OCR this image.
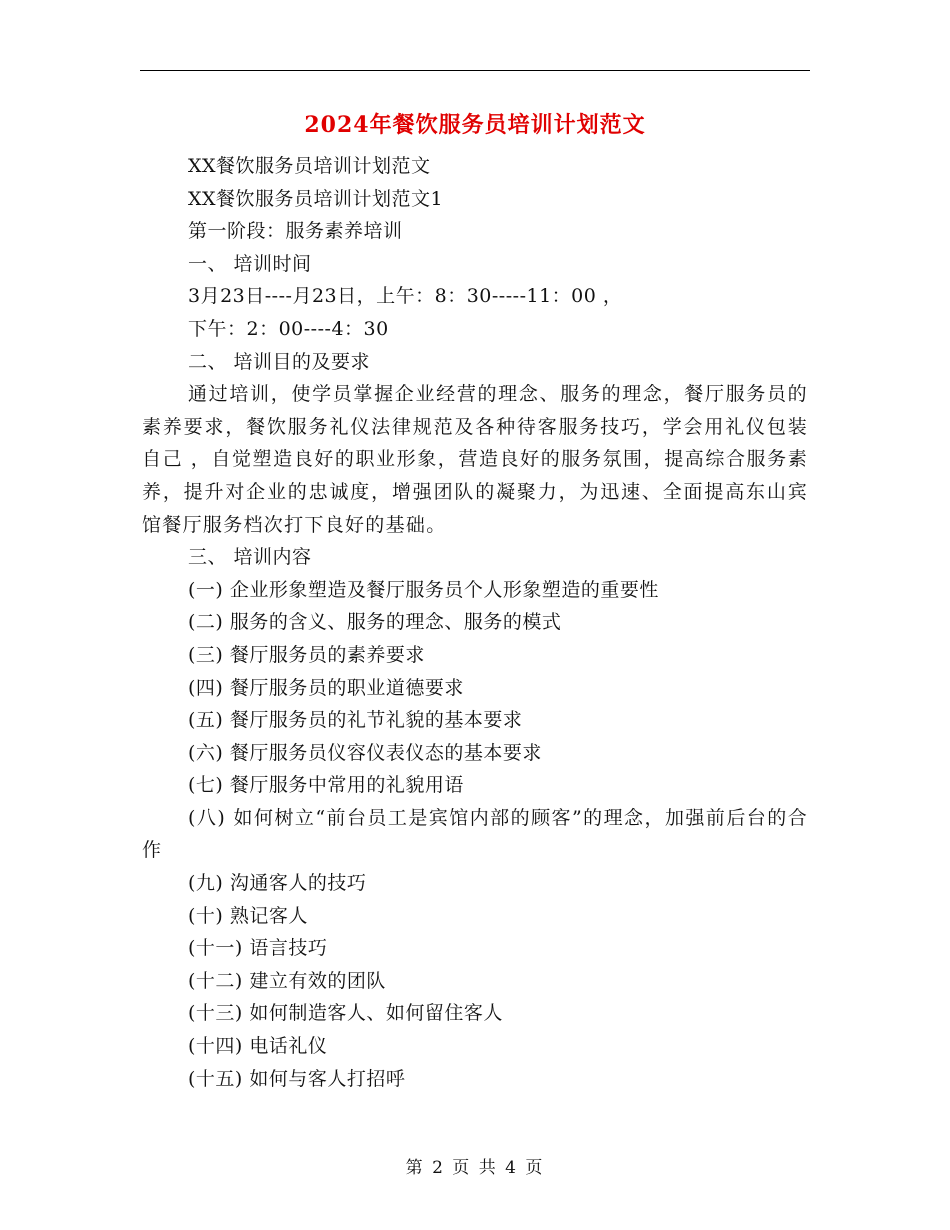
2024年餐饮服务员培训计划范文
XX餐饮服务员培训计划范文
XX餐饮服务员培训计划范文1
第一阶段：服务素养培训
一、 培训时间
3月23日----月23日，上午：8：30-----11：00 ，
下午：2：00----4：30
二、 培训目的及要求
通过培训，使学员掌握企业经营的理念、服务的理念，餐厅服务员的素养要求，餐饮服务礼仪法律规范及各种待客服务技巧，学会用礼仪包装自己 ，自觉塑造良好的职业形象，营造良好的服务氛围，提高综合服务素养，提升对企业的忠诚度，增强团队的凝聚力，为迅速、全面提高东山宾馆餐厅服务档次打下良好的基础。
三、 培训内容
(一) 企业形象塑造及餐厅服务员个人形象塑造的重要性
(二) 服务的含义、服务的理念、服务的模式
(三) 餐厅服务员的素养要求
(四) 餐厅服务员的职业道德要求
(五) 餐厅服务员的礼节礼貌的基本要求
(六) 餐厅服务员仪容仪表仪态的基本要求
(七) 餐厅服务中常用的礼貌用语
(八) 如何树立“前台员工是宾馆内部的顾客”的理念，加强前后台的合作
(九) 沟通客人的技巧
(十) 熟记客人
(十一) 语言技巧
(十二) 建立有效的团队
(十三) 如何制造客人、如何留住客人
(十四) 电话礼仪
(十五) 如何与客人打招呼
第 2 页 共 4 页
